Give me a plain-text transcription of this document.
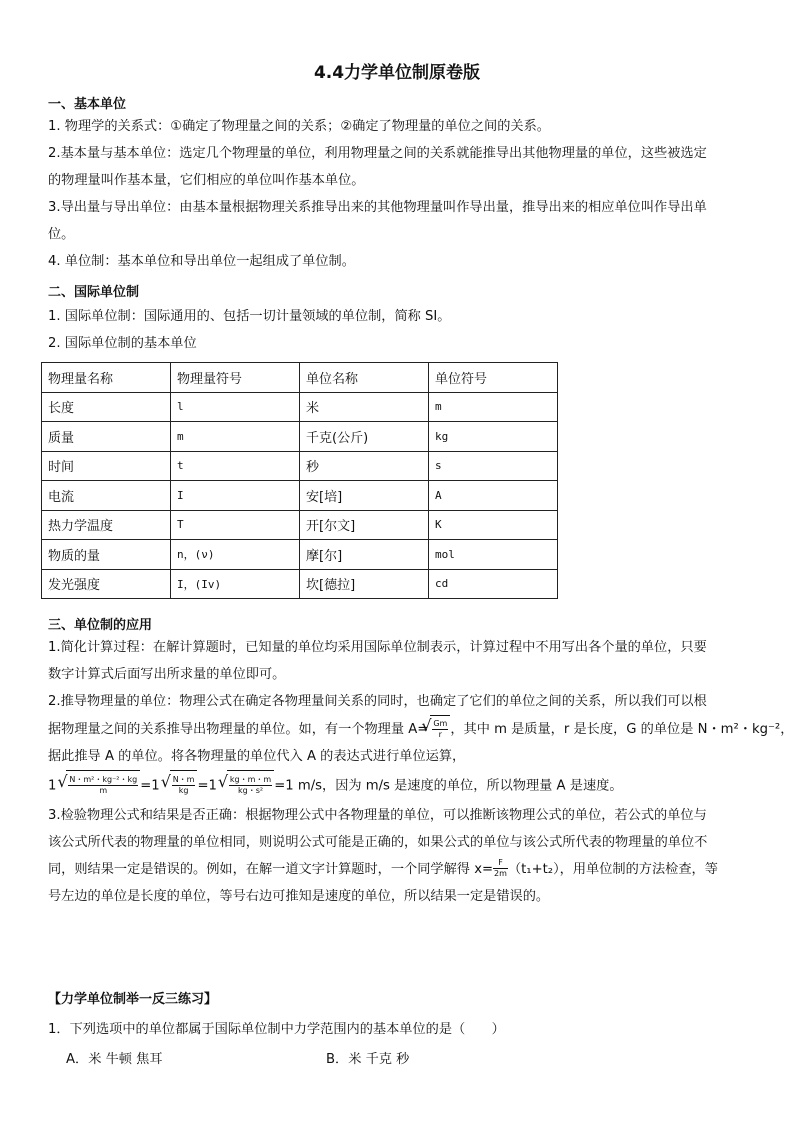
4.4力学单位制原卷版
一、基本单位
1. 物理学的关系式：①确定了物理量之间的关系；②确定了物理量的单位之间的关系。
2.基本量与基本单位：选定几个物理量的单位，利用物理量之间的关系就能推导出其他物理量的单位，这些被选定
的物理量叫作基本量，它们相应的单位叫作基本单位。
3.导出量与导出单位：由基本量根据物理关系推导出来的其他物理量叫作导出量，推导出来的相应单位叫作导出单
位。
4. 单位制：基本单位和导出单位一起组成了单位制。
二、国际单位制
1. 国际单位制：国际通用的、包括一切计量领域的单位制，简称 SI。
2. 国际单位制的基本单位
物理量名称	物理量符号	单位名称	单位符号
长度	l	米	m
质量	m	千克(公斤)	kg
时间	t	秒	s
电流	I	安[培]	A
热力学温度	T	开[尔文]	K
物质的量	n，(ν)	摩[尔]	mol
发光强度	I，(Iv)	坎[德拉]	cd
三、单位制的应用
1.简化计算过程：在解计算题时，已知量的单位均采用国际单位制表示，计算过程中不用写出各个量的单位，只要
数字计算式后面写出所求量的单位即可。
2.推导物理量的单位：物理公式在确定各物理量间关系的同时，也确定了它们的单位之间的关系，所以我们可以根
据物理量之间的关系推导出物理量的单位。如，有一个物理量 A= √ $\frac{Gm}{r}$ ，其中 m 是质量，r 是长度，G 的单位是 N・m²・kg⁻²，
据此推导 A 的单位。将各物理量的单位代入 A 的表达式进行单位运算，
1 √ $\frac{\text{N・m²・kg⁻²・kg}}{m} =1$ √ $\frac{N・m}{kg} =1$ √ $\frac{kg・m・m}{\text{kg・s²}} =1$ m/s，因为 m/s 是速度的单位，所以物理量 A 是速度。
3.检验物理公式和结果是否正确：根据物理公式中各物理量的单位，可以推断该物理公式的单位，若公式的单位与
该公式所代表的物理量的单位相同，则说明公式可能是正确的，如果公式的单位与该公式所代表的物理量的单位不
同，则结果一定是错误的。例如，在解一道文字计算题时，一个同学解得 $x= \frac{F}{2m} (t_1+t_2)$，用单位制的方法检查，等
号左边的单位是长度的单位，等号右边可推知是速度的单位，所以结果一定是错误的。
【力学单位制举一反三练习】
1．下列选项中的单位都属于国际单位制中力学范围内的基本单位的是（　　）
A．米 牛顿 焦耳	B．米 千克 秒
